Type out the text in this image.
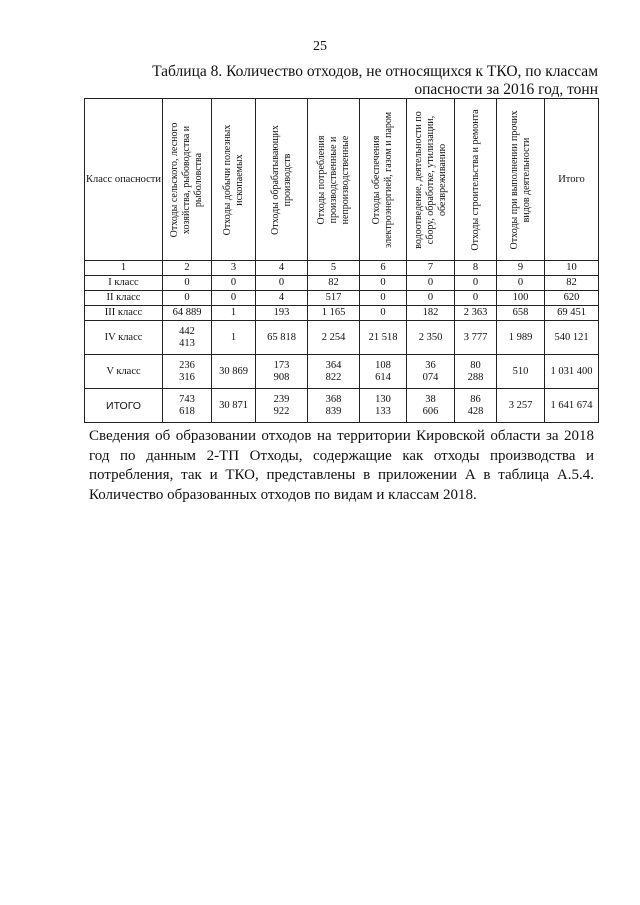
25
Таблица 8. Количество отходов, не относящихся к ТКО, по классам
опасности за 2016 год, тонн
Класс опасности	Отходы сельского, лесного хозяйства, рыбоводства и рыболовства	Отходы добычи полезных ископаемых	Отходы обрабатывающих производств	Отходы потребления производственные и непроизводственные	Отходы обеспечения электроэнергией, газом и паром	водоотведение, деятельности по сбору, обработке, утилизации, обезвреживанию	Отходы строительства и ремонта	Отходы при выполнении прочих видов деятельности	Итого
1	2	3	4	5	6	7	8	9	10
I класс	0	0	0	82	0	0	0	0	82
II класс	0	0	4	517	0	0	0	100	620
III класс	64 889	1	193	1 165	0	182	2 363	658	69 451
IV класс	442 413	1	65 818	2 254	21 518	2 350	3 777	1 989	540 121
V класс	236 316	30 869	173 908	364 822	108 614	36 074	80 288	510	1 031 400
ИТОГО	743 618	30 871	239 922	368 839	130 133	38 606	86 428	3 257	1 641 674

Сведения об образовании отходов на территории Кировской области за 2018 год по данным 2-ТП Отходы, содержащие как отходы производства и потребления, так и ТКО, представлены в приложении А в таблица А.5.4. Количество образованных отходов по видам и классам 2018.
